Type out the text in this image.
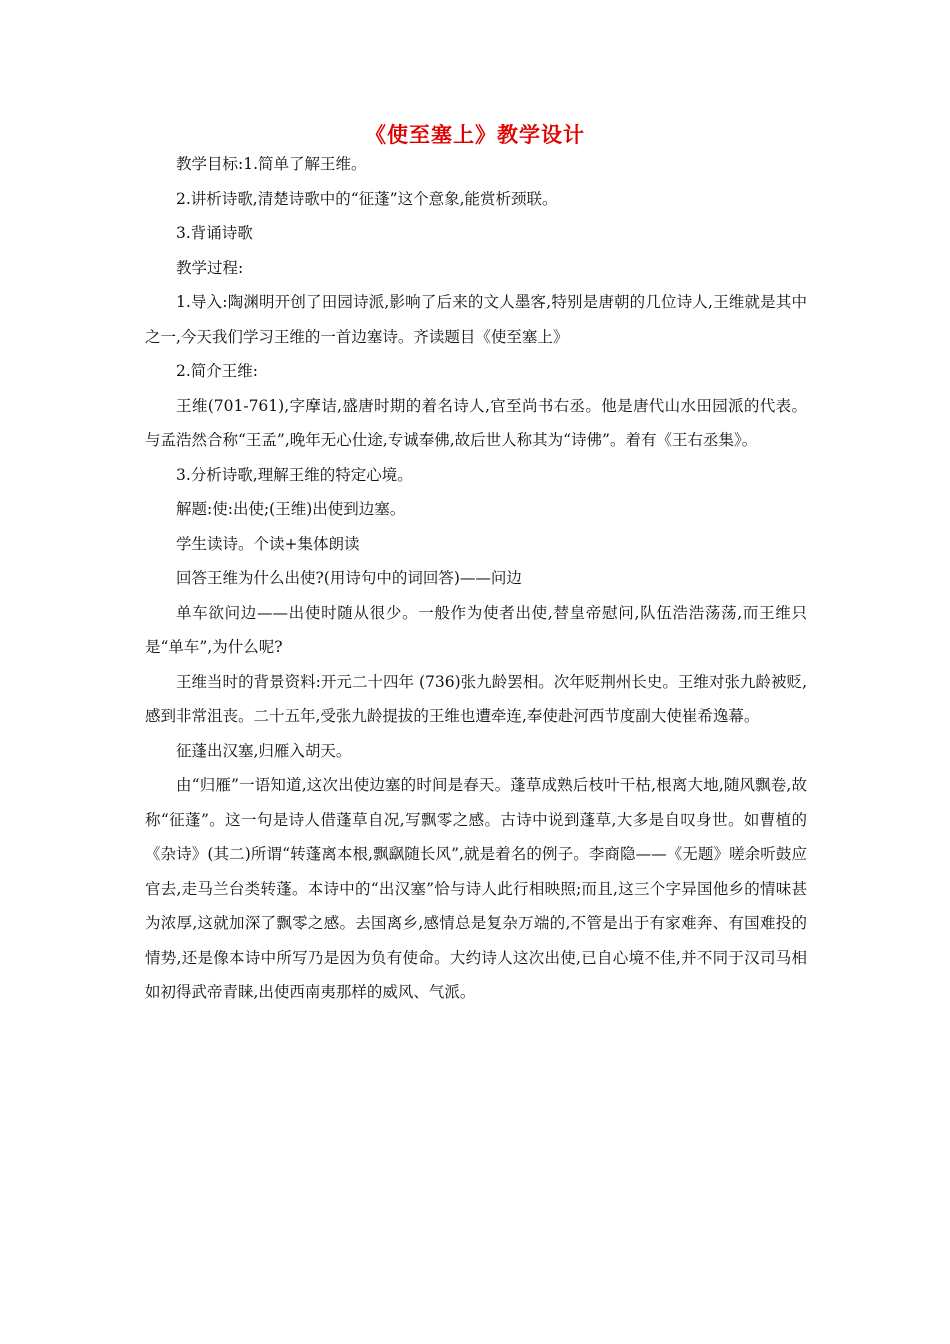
《使至塞上》教学设计

教学目标:1.简单了解王维。

2.讲析诗歌,清楚诗歌中的“征蓬”这个意象,能赏析颈联。

3.背诵诗歌

教学过程:

1.导入:陶渊明开创了田园诗派,影响了后来的文人墨客,特别是唐朝的几位诗人,王维就是其中之一,今天我们学习王维的一首边塞诗。齐读题目《使至塞上》

2.简介王维:

王维(701-761),字摩诘,盛唐时期的着名诗人,官至尚书右丞。他是唐代山水田园派的代表。与孟浩然合称“王孟”,晚年无心仕途,专诚奉佛,故后世人称其为“诗佛”。着有《王右丞集》。

3.分析诗歌,理解王维的特定心境。

解题:使:出使;(王维)出使到边塞。

学生读诗。个读+集体朗读

回答王维为什么出使?(用诗句中的词回答)——问边

单车欲问边——出使时随从很少。一般作为使者出使,替皇帝慰问,队伍浩浩荡荡,而王维只是“单车”,为什么呢?

王维当时的背景资料:开元二十四年 (736)张九龄罢相。次年贬荆州长史。王维对张九龄被贬,感到非常沮丧。二十五年,受张九龄提拔的王维也遭牵连,奉使赴河西节度副大使崔希逸幕。

征蓬出汉塞,归雁入胡天。

由“归雁”一语知道,这次出使边塞的时间是春天。蓬草成熟后枝叶干枯,根离大地,随风飘卷,故称“征蓬”。这一句是诗人借蓬草自况,写飘零之感。古诗中说到蓬草,大多是自叹身世。如曹植的《杂诗》(其二)所谓“转蓬离本根,飘飖随长风”,就是着名的例子。李商隐——《无题》嗟余听鼓应官去,走马兰台类转蓬。本诗中的“出汉塞”恰与诗人此行相映照;而且,这三个字异国他乡的情味甚为浓厚,这就加深了飘零之感。去国离乡,感情总是复杂万端的,不管是出于有家难奔、有国难投的情势,还是像本诗中所写乃是因为负有使命。大约诗人这次出使,已自心境不佳,并不同于汉司马相如初得武帝青睐,出使西南夷那样的威风、气派。
